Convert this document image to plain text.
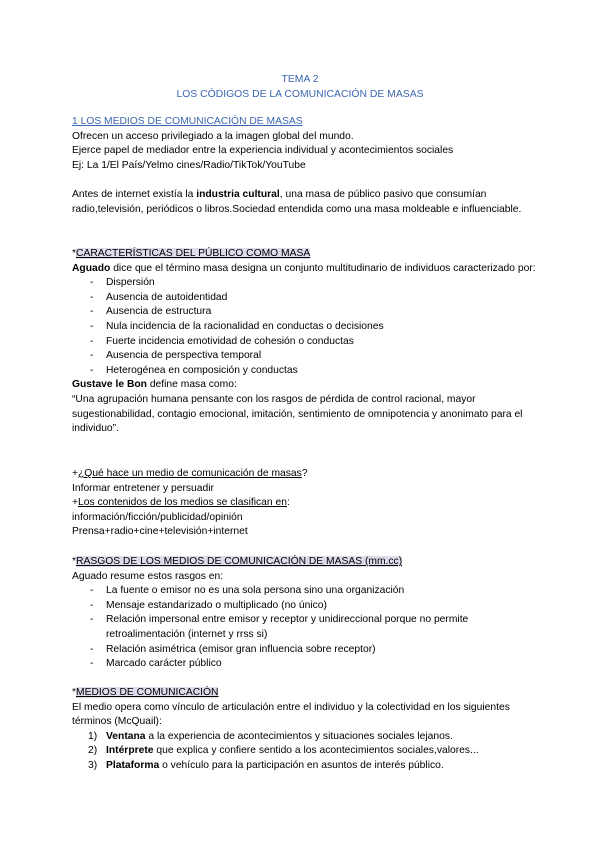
TEMA 2
LOS CÓDIGOS DE LA COMUNICACIÓN DE MASAS

1 LOS MEDIOS DE COMUNICACIÓN DE MASAS

Ofrecen un acceso privilegiado a la imagen global del mundo.

Ejerce papel de mediador entre la experiencia individual y acontecimientos sociales

Ej: La 1/El País/Yelmo cines/Radio/TikTok/YouTube

Antes de internet existía la industria cultural, una masa de público pasivo que consumían radio,televisión, periódicos o libros.Sociedad entendida como una masa moldeable e influenciable.

*CARACTERÍSTICAS DEL PÚBLICO COMO MASA

Aguado dice que el término masa designa un conjunto multitudinario de individuos caracterizado por:

- Dispersión
- Ausencia de autoidentidad
- Ausencia de estructura
- Nula incidencia de la racionalidad en conductas o decisiones
- Fuerte incidencia emotividad de cohesión o conductas
- Ausencia de perspectiva temporal
- Heterogénea en composición y conductas

Gustave le Bon define masa como:

“Una agrupación humana pensante con los rasgos de pérdida de control racional, mayor sugestionabilidad, contagio emocional, imitación, sentimiento de omnipotencia y anonimato para el individuo”.

+¿Qué hace un medio de comunicación de masas?

Informar entretener y persuadir

+Los contenidos de los medios se clasifican en:

información/ficción/publicidad/opinión

Prensa+radio+cine+televisión+internet

*RASGOS DE LOS MEDIOS DE COMUNICACIÓN DE MASAS (mm.cc)

Aguado resume estos rasgos en:

- La fuente o emisor no es una sola persona sino una organización
- Mensaje estandarizado o multiplicado (no único)
- Relación impersonal entre emisor y receptor y unidireccional porque no permite retroalimentación (internet y rrss si)
- Relación asimétrica (emisor gran influencia sobre receptor)
- Marcado carácter público

*MEDIOS DE COMUNICACIÓN

El medio opera como vínculo de articulación entre el individuo y la colectividad en los siguientes términos (McQuail):

1) Ventana a la experiencia de acontecimientos y situaciones sociales lejanos.
2) Intérprete que explica y confiere sentido a los acontecimientos sociales,valores...
3) Plataforma o vehículo para la participación en asuntos de interés público.
